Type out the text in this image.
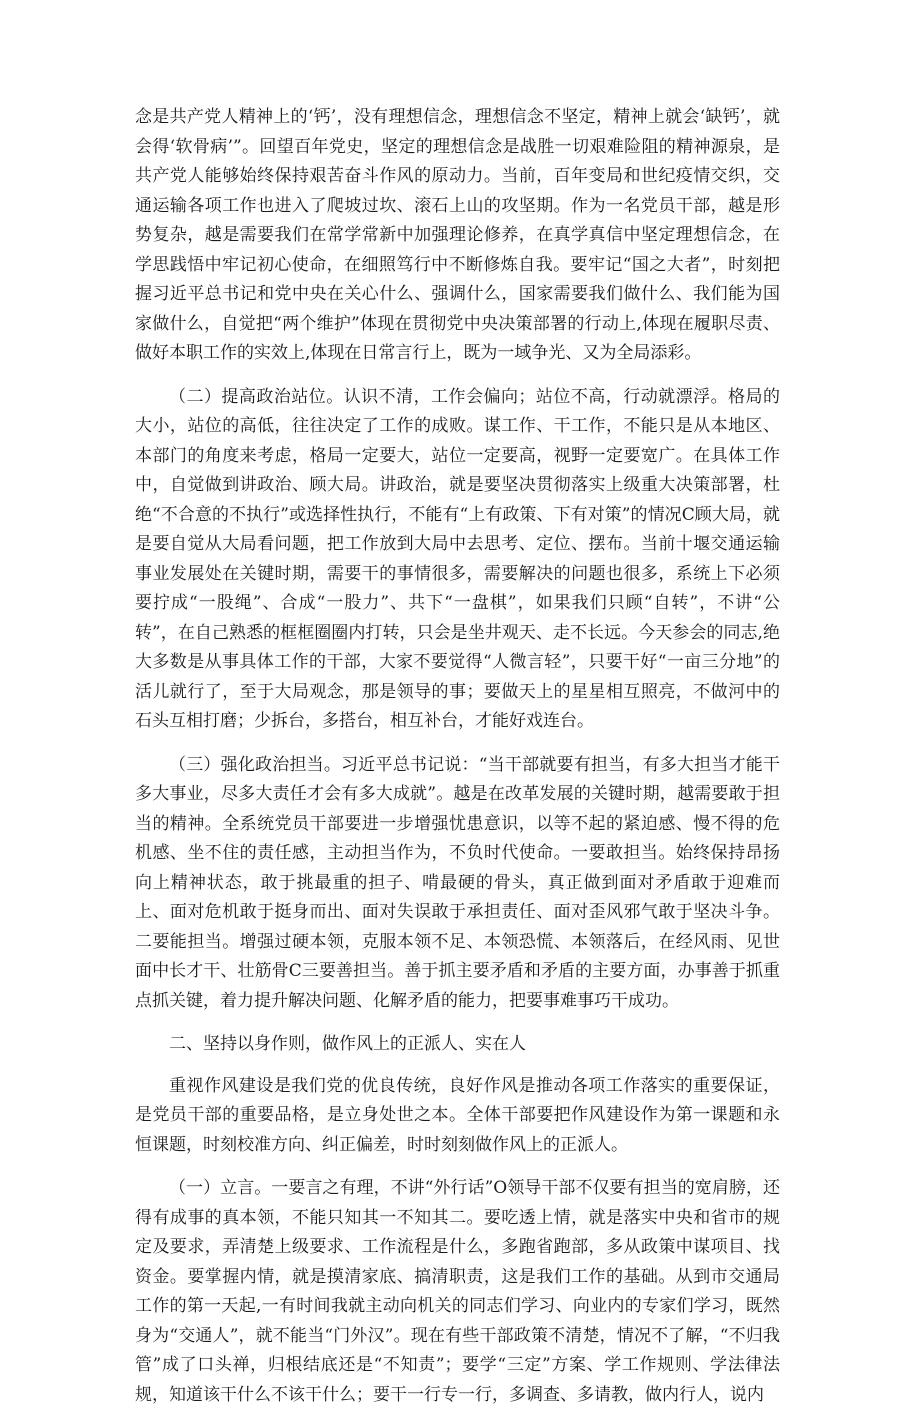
念是共产党人精神上的‘钙’，没有理想信念，理想信念不坚定，精神上就会‘缺钙’，就会得‘软骨病’”。回望百年党史，坚定的理想信念是战胜一切艰难险阻的精神源泉，是共产党人能够始终保持艰苦奋斗作风的原动力。当前，百年变局和世纪疫情交织，交通运输各项工作也进入了爬坡过坎、滚石上山的攻坚期。作为一名党员干部，越是形势复杂，越是需要我们在常学常新中加强理论修养，在真学真信中坚定理想信念，在学思践悟中牢记初心使命，在细照笃行中不断修炼自我。要牢记“国之大者”，时刻把握习近平总书记和党中央在关心什么、强调什么，国家需要我们做什么、我们能为国家做什么，自觉把“两个维护”体现在贯彻党中央决策部署的行动上,体现在履职尽责、做好本职工作的实效上,体现在日常言行上，既为一域争光、又为全局添彩。

（二）提高政治站位。认识不清，工作会偏向；站位不高，行动就漂浮。格局的大小，站位的高低，往往决定了工作的成败。谋工作、干工作，不能只是从本地区、本部门的角度来考虑，格局一定要大，站位一定要高，视野一定要宽广。在具体工作中，自觉做到讲政治、顾大局。讲政治，就是要坚决贯彻落实上级重大决策部署，杜绝“不合意的不执行”或选择性执行，不能有“上有政策、下有对策”的情况C顾大局，就是要自觉从大局看问题，把工作放到大局中去思考、定位、摆布。当前十堰交通运输事业发展处在关键时期，需要干的事情很多，需要解决的问题也很多，系统上下必须要拧成“一股绳”、合成“一股力”、共下“一盘棋”，如果我们只顾“自转”，不讲“公转”，在自己熟悉的框框圈圈内打转，只会是坐井观天、走不长远。今天参会的同志,绝大多数是从事具体工作的干部，大家不要觉得“人微言轻”，只要干好“一亩三分地”的活儿就行了，至于大局观念，那是领导的事；要做天上的星星相互照亮，不做河中的石头互相打磨；少拆台，多搭台，相互补台，才能好戏连台。

（三）强化政治担当。习近平总书记说：“当干部就要有担当，有多大担当才能干多大事业，尽多大责任才会有多大成就”。越是在改革发展的关键时期，越需要敢于担当的精神。全系统党员干部要进一步增强忧患意识，以等不起的紧迫感、慢不得的危机感、坐不住的责任感，主动担当作为，不负时代使命。一要敢担当。始终保持昂扬向上精神状态，敢于挑最重的担子、啃最硬的骨头，真正做到面对矛盾敢于迎难而上、面对危机敢于挺身而出、面对失误敢于承担责任、面对歪风邪气敢于坚决斗争。二要能担当。增强过硬本领，克服本领不足、本领恐慌、本领落后，在经风雨、见世面中长才干、壮筋骨C三要善担当。善于抓主要矛盾和矛盾的主要方面，办事善于抓重点抓关键，着力提升解决问题、化解矛盾的能力，把要事难事巧干成功。

二、坚持以身作则，做作风上的正派人、实在人

重视作风建设是我们党的优良传统，良好作风是推动各项工作落实的重要保证，是党员干部的重要品格，是立身处世之本。全体干部要把作风建设作为第一课题和永恒课题，时刻校准方向、纠正偏差，时时刻刻做作风上的正派人。

（一）立言。一要言之有理，不讲“外行话”O领导干部不仅要有担当的宽肩膀，还得有成事的真本领，不能只知其一不知其二。要吃透上情，就是落实中央和省市的规定及要求，弄清楚上级要求、工作流程是什么，多跑省跑部，多从政策中谋项目、找资金。要掌握内情，就是摸清家底、搞清职责，这是我们工作的基础。从到市交通局工作的第一天起,一有时间我就主动向机关的同志们学习、向业内的专家们学习，既然身为“交通人”，就不能当“门外汉”。现在有些干部政策不清楚，情况不了解，“不归我管”成了口头禅，归根结底还是“不知责”；要学“三定”方案、学工作规则、学法律法规，知道该干什么不该干什么；要干一行专一行，多调查、多请教，做内行人，说内
